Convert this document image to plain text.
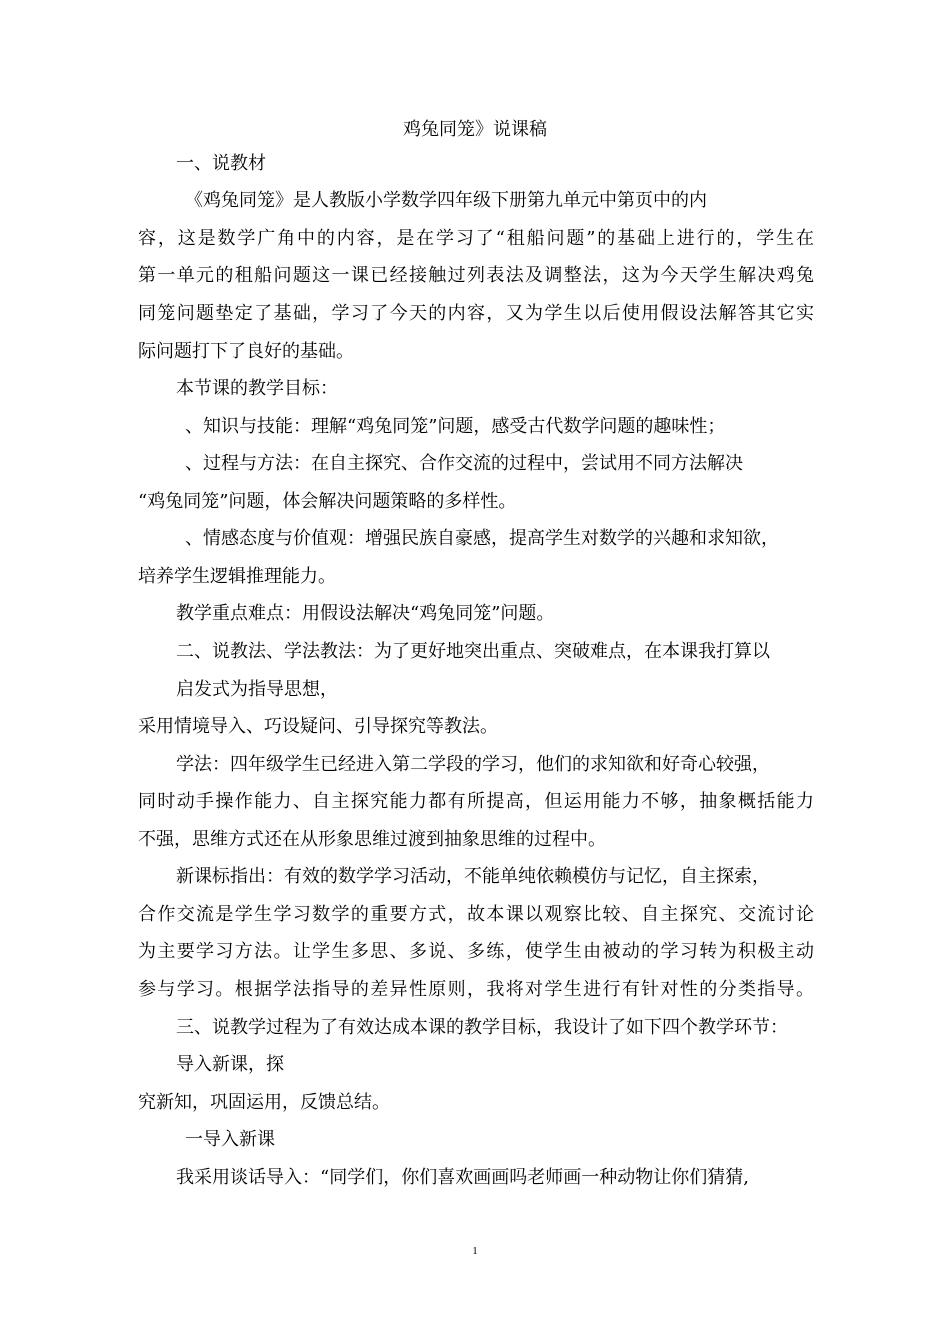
鸡兔同笼》说课稿
一、说教材
《鸡兔同笼》是人教版小学数学四年级下册第九单元中第页中的内
容，这是数学广角中的内容，是在学习了“租船问题”的基础上进行的，学生在
第一单元的租船问题这一课已经接触过列表法及调整法，这为今天学生解决鸡兔
同笼问题垫定了基础，学习了今天的内容，又为学生以后使用假设法解答其它实
际问题打下了良好的基础。
本节课的教学目标：
、知识与技能：理解“鸡兔同笼”问题，感受古代数学问题的趣味性；
、过程与方法：在自主探究、合作交流的过程中，尝试用不同方法解决
“鸡兔同笼”问题，体会解决问题策略的多样性。
、情感态度与价值观：增强民族自豪感，提高学生对数学的兴趣和求知欲，
培养学生逻辑推理能力。
教学重点难点：用假设法解决“鸡兔同笼”问题。
二、说教法、学法教法：为了更好地突出重点、突破难点，在本课我打算以
启发式为指导思想，
采用情境导入、巧设疑问、引导探究等教法。
学法：四年级学生已经进入第二学段的学习，他们的求知欲和好奇心较强，
同时动手操作能力、自主探究能力都有所提高，但运用能力不够，抽象概括能力
不强，思维方式还在从形象思维过渡到抽象思维的过程中。
新课标指出：有效的数学学习活动，不能单纯依赖模仿与记忆，自主探索，
合作交流是学生学习数学的重要方式，故本课以观察比较、自主探究、交流讨论
为主要学习方法。让学生多思、多说、多练，使学生由被动的学习转为积极主动
参与学习。根据学法指导的差异性原则，我将对学生进行有针对性的分类指导。
三、说教学过程为了有效达成本课的教学目标，我设计了如下四个教学环节：
导入新课，探
究新知，巩固运用，反馈总结。
一导入新课
我采用谈话导入：“同学们，你们喜欢画画吗老师画一种动物让你们猜猜,
1
